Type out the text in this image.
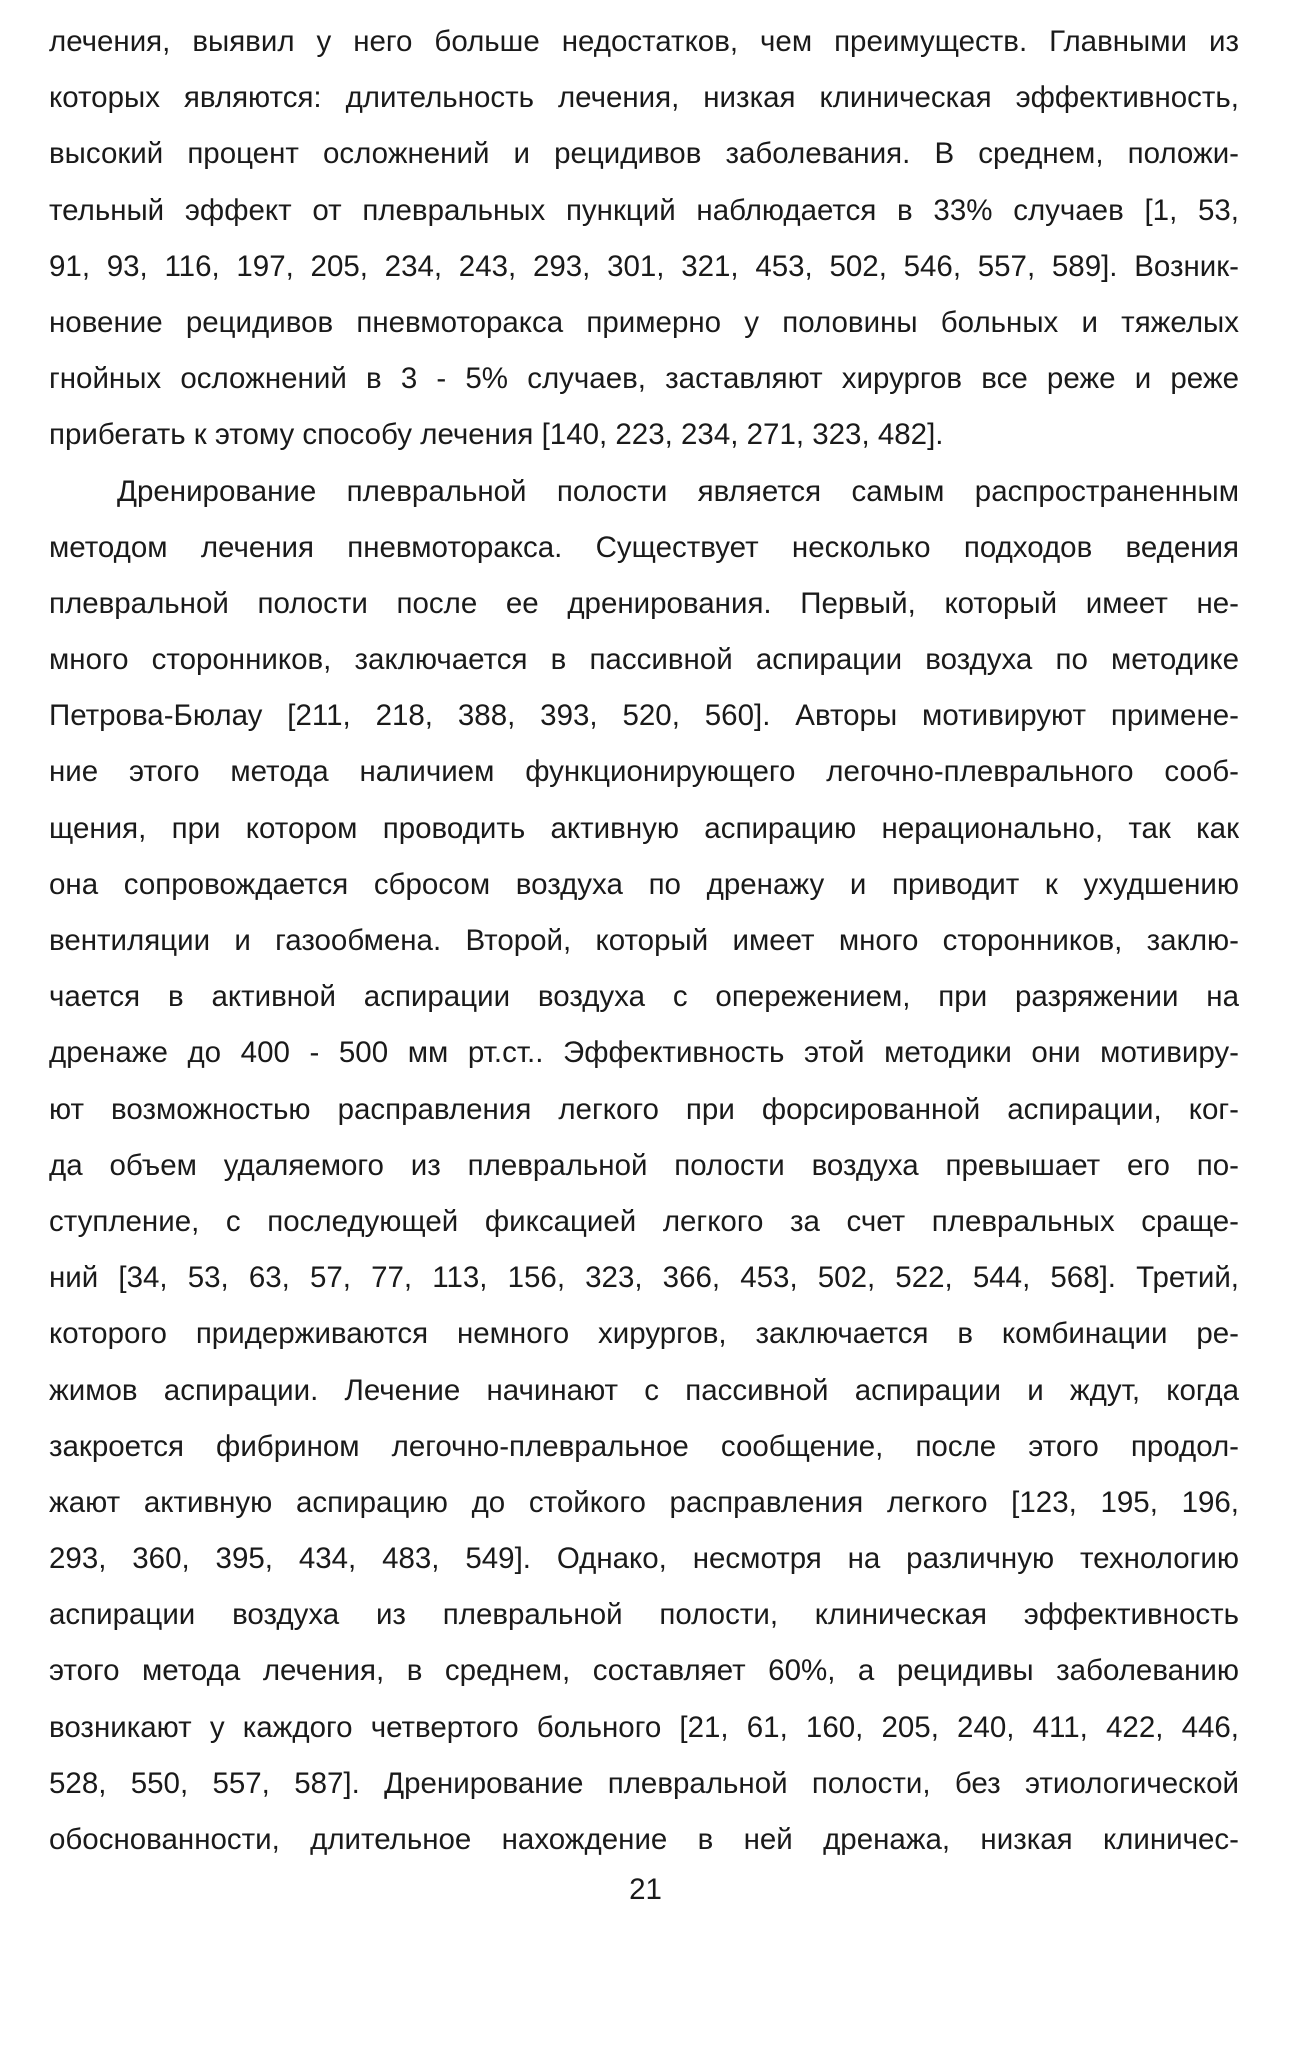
лечения, выявил у него больше недостатков, чем преимуществ. Главными из
которых являются: длительность лечения, низкая клиническая эффективность,
высокий процент осложнений и рецидивов заболевания. В среднем, положи-
тельный эффект от плевральных пункций наблюдается в 33% случаев [1, 53,
91, 93, 116, 197, 205, 234, 243, 293, 301, 321, 453, 502, 546, 557, 589]. Возник-
новение рецидивов пневмоторакса примерно у половины больных и тяжелых
гнойных осложнений в 3 - 5% случаев, заставляют хирургов все реже и реже
прибегать к этому способу лечения [140, 223, 234, 271, 323, 482].
Дренирование плевральной полости является самым распространенным
методом лечения пневмоторакса. Существует несколько подходов ведения
плевральной полости после ее дренирования. Первый, который имеет не-
много сторонников, заключается в пассивной аспирации воздуха по методике
Петрова-Бюлау [211, 218, 388, 393, 520, 560]. Авторы мотивируют примене-
ние этого метода наличием функционирующего легочно-плеврального сооб-
щения, при котором проводить активную аспирацию нерационально, так как
она сопровождается сбросом воздуха по дренажу и приводит к ухудшению
вентиляции и газообмена. Второй, который имеет много сторонников, заклю-
чается в активной аспирации воздуха с опережением, при разряжении на
дренаже до 400 - 500 мм рт.ст.. Эффективность этой методики они мотивиру-
ют возможностью расправления легкого при форсированной аспирации, ког-
да объем удаляемого из плевральной полости воздуха превышает его по-
ступление, с последующей фиксацией легкого за счет плевральных сраще-
ний [34, 53, 63, 57, 77, 113, 156, 323, 366, 453, 502, 522, 544, 568]. Третий,
которого придерживаются немного хирургов, заключается в комбинации ре-
жимов аспирации. Лечение начинают с пассивной аспирации и ждут, когда
закроется фибрином легочно-плевральное сообщение, после этого продол-
жают активную аспирацию до стойкого расправления легкого [123, 195, 196,
293, 360, 395, 434, 483, 549]. Однако, несмотря на различную технологию
аспирации воздуха из плевральной полости, клиническая эффективность
этого метода лечения, в среднем, составляет 60%, а рецидивы заболеванию
возникают у каждого четвертого больного [21, 61, 160, 205, 240, 411, 422, 446,
528, 550, 557, 587]. Дренирование плевральной полости, без этиологической
обоснованности, длительное нахождение в ней дренажа, низкая клиничес-
21
